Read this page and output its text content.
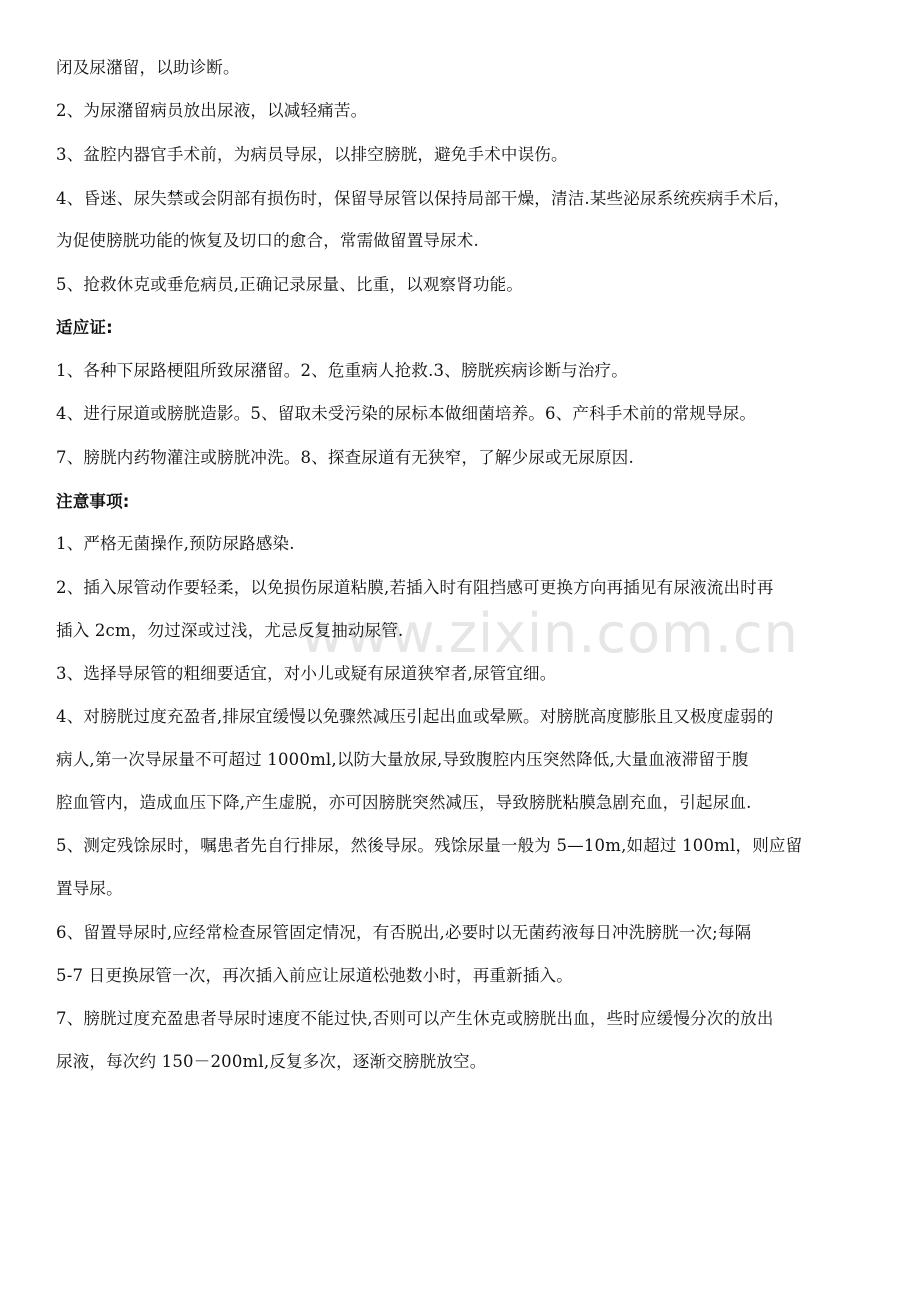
www.zixin.com.cn
闭及尿潴留，以助诊断。
2、为尿潴留病员放出尿液，以减轻痛苦。
3、盆腔内器官手术前，为病员导尿，以排空膀胱，避免手术中误伤。
4、昏迷、尿失禁或会阴部有损伤时，保留导尿管以保持局部干燥，清洁.某些泌尿系统疾病手术后，
为促使膀胱功能的恢复及切口的愈合，常需做留置导尿术.
5、抢救休克或垂危病员,正确记录尿量、比重，以观察肾功能。
适应证:
1、各种下尿路梗阻所致尿潴留。2、危重病人抢救.3、膀胱疾病诊断与治疗。
4、进行尿道或膀胱造影。5、留取未受污染的尿标本做细菌培养。6、产科手术前的常规导尿。
7、膀胱内药物灌注或膀胱冲洗。8、探查尿道有无狭窄，了解少尿或无尿原因.
注意事项:
1、严格无菌操作,预防尿路感染.
2、插入尿管动作要轻柔，以免损伤尿道粘膜,若插入时有阻挡感可更换方向再插见有尿液流出时再
插入 2cm，勿过深或过浅，尤忌反复抽动尿管.
3、选择导尿管的粗细要适宜，对小儿或疑有尿道狭窄者,尿管宜细。
4、对膀胱过度充盈者,排尿宜缓慢以免骤然减压引起出血或晕厥。对膀胱高度膨胀且又极度虚弱的
病人,第一次导尿量不可超过 1000ml,以防大量放尿,导致腹腔内压突然降低,大量血液滞留于腹
腔血管内，造成血压下降,产生虚脱，亦可因膀胱突然减压，导致膀胱粘膜急剧充血，引起尿血.
5、测定残馀尿时，嘱患者先自行排尿，然後导尿。残馀尿量一般为 5—10m,如超过 100ml，则应留
置导尿。
6、留置导尿时,应经常检查尿管固定情况，有否脱出,必要时以无菌药液每日冲洗膀胱一次;每隔
5-7 日更换尿管一次，再次插入前应让尿道松弛数小时，再重新插入。
7、膀胱过度充盈患者导尿时速度不能过快,否则可以产生休克或膀胱出血，些时应缓慢分次的放出
尿液，每次约 150－200ml,反复多次，逐渐交膀胱放空。
